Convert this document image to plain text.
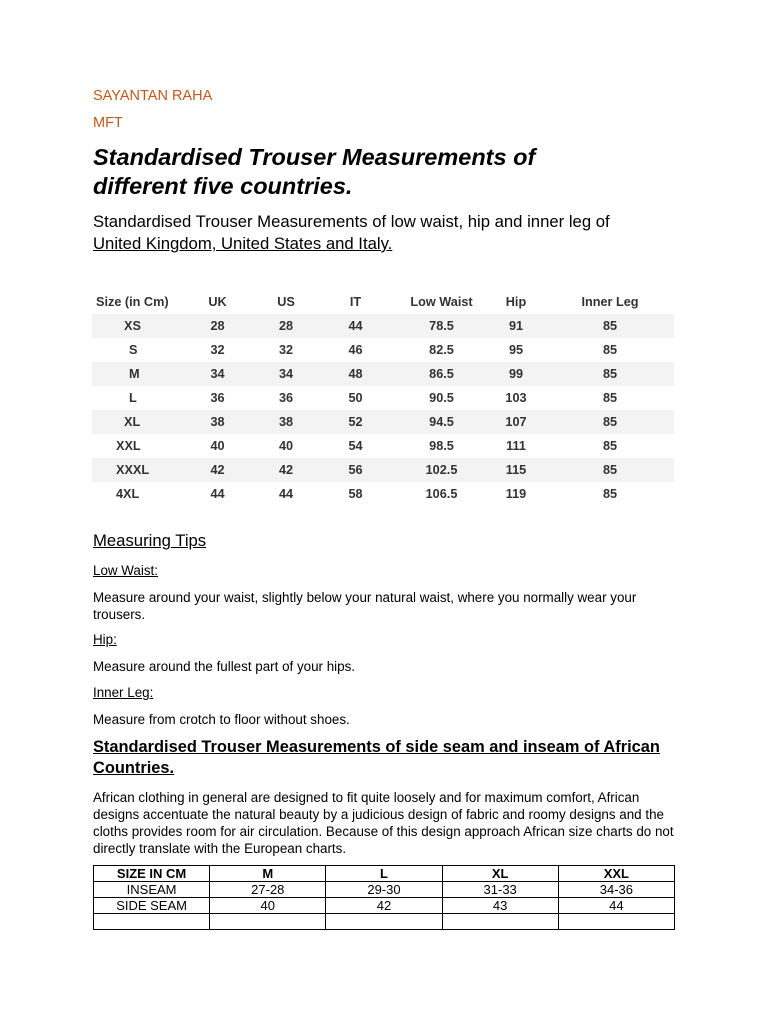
SAYANTAN RAHA
MFT
Standardised Trouser Measurements of
different five countries.
Standardised Trouser Measurements of low waist, hip and inner leg of
United Kingdom, United States and Italy.
Size (in Cm)	UK	US	IT	Low Waist	Hip	Inner Leg
XS	28	28	44	78.5	91	85
S	32	32	46	82.5	95	85
M	34	34	48	86.5	99	85
L	36	36	50	90.5	103	85
XL	38	38	52	94.5	107	85
XXL	40	40	54	98.5	111	85
XXXL	42	42	56	102.5	115	85
4XL	44	44	58	106.5	119	85
Measuring Tips
Low Waist:
Measure around your waist, slightly below your natural waist, where you normally wear your trousers.
Hip:
Measure around the fullest part of your hips.
Inner Leg:
Measure from crotch to floor without shoes.
Standardised Trouser Measurements of side seam and inseam of African Countries.
African clothing in general are designed to fit quite loosely and for maximum comfort, African designs accentuate the natural beauty by a judicious design of fabric and roomy designs and the cloths provides room for air circulation. Because of this design approach African size charts do not directly translate with the European charts.
SIZE IN CM	M	L	XL	XXL
INSEAM	27-28	29-30	31-33	34-36
SIDE SEAM	40	42	43	44
